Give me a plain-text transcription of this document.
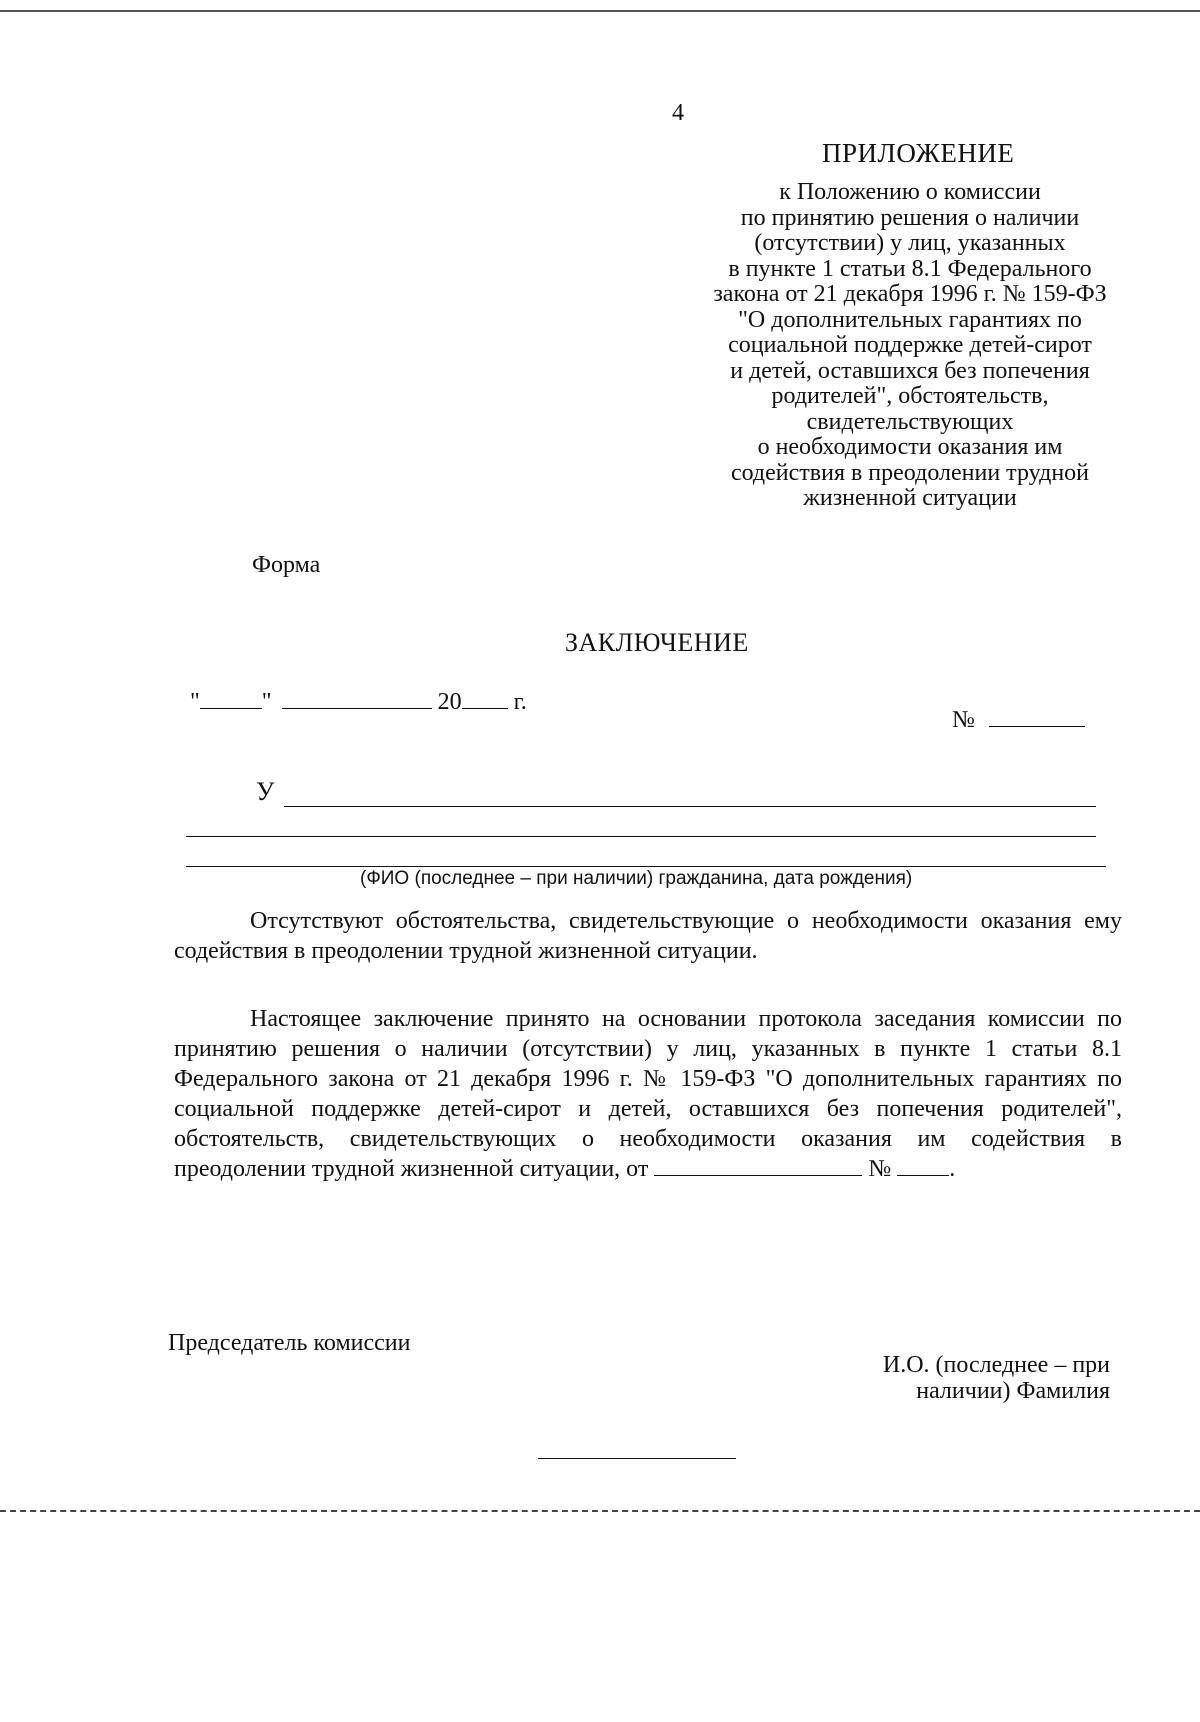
4
ПРИЛОЖЕНИЕ
к Положению о комиссии
по принятию решения о наличии
(отсутствии) у лиц, указанных
в пункте 1 статьи 8.1 Федерального
закона от 21 декабря 1996 г. № 159-ФЗ
"О дополнительных гарантиях по
социальной поддержке детей-сирот
и детей, оставшихся без попечения
родителей", обстоятельств,
свидетельствующих
о необходимости оказания им
содействия в преодолении трудной
жизненной ситуации
Форма
ЗАКЛЮЧЕНИЕ
"	"	20 г.
№
У
(ФИО (последнее – при наличии) гражданина, дата рождения)
Отсутствуют обстоятельства, свидетельствующие о необходимости оказания ему содействия в преодолении трудной жизненной ситуации.
Настоящее заключение принято на основании протокола заседания комиссии по принятию решения о наличии (отсутствии) у лиц, указанных в пункте 1 статьи 8.1 Федерального закона от 21 декабря 1996 г. № 159-ФЗ "О дополнительных гарантиях по социальной поддержке детей-сирот и детей, оставшихся без попечения родителей", обстоятельств, свидетельствующих о необходимости оказания им содействия в преодолении трудной жизненной ситуации, от	№ .
Председатель комиссии
И.О. (последнее – при
наличии) Фамилия
